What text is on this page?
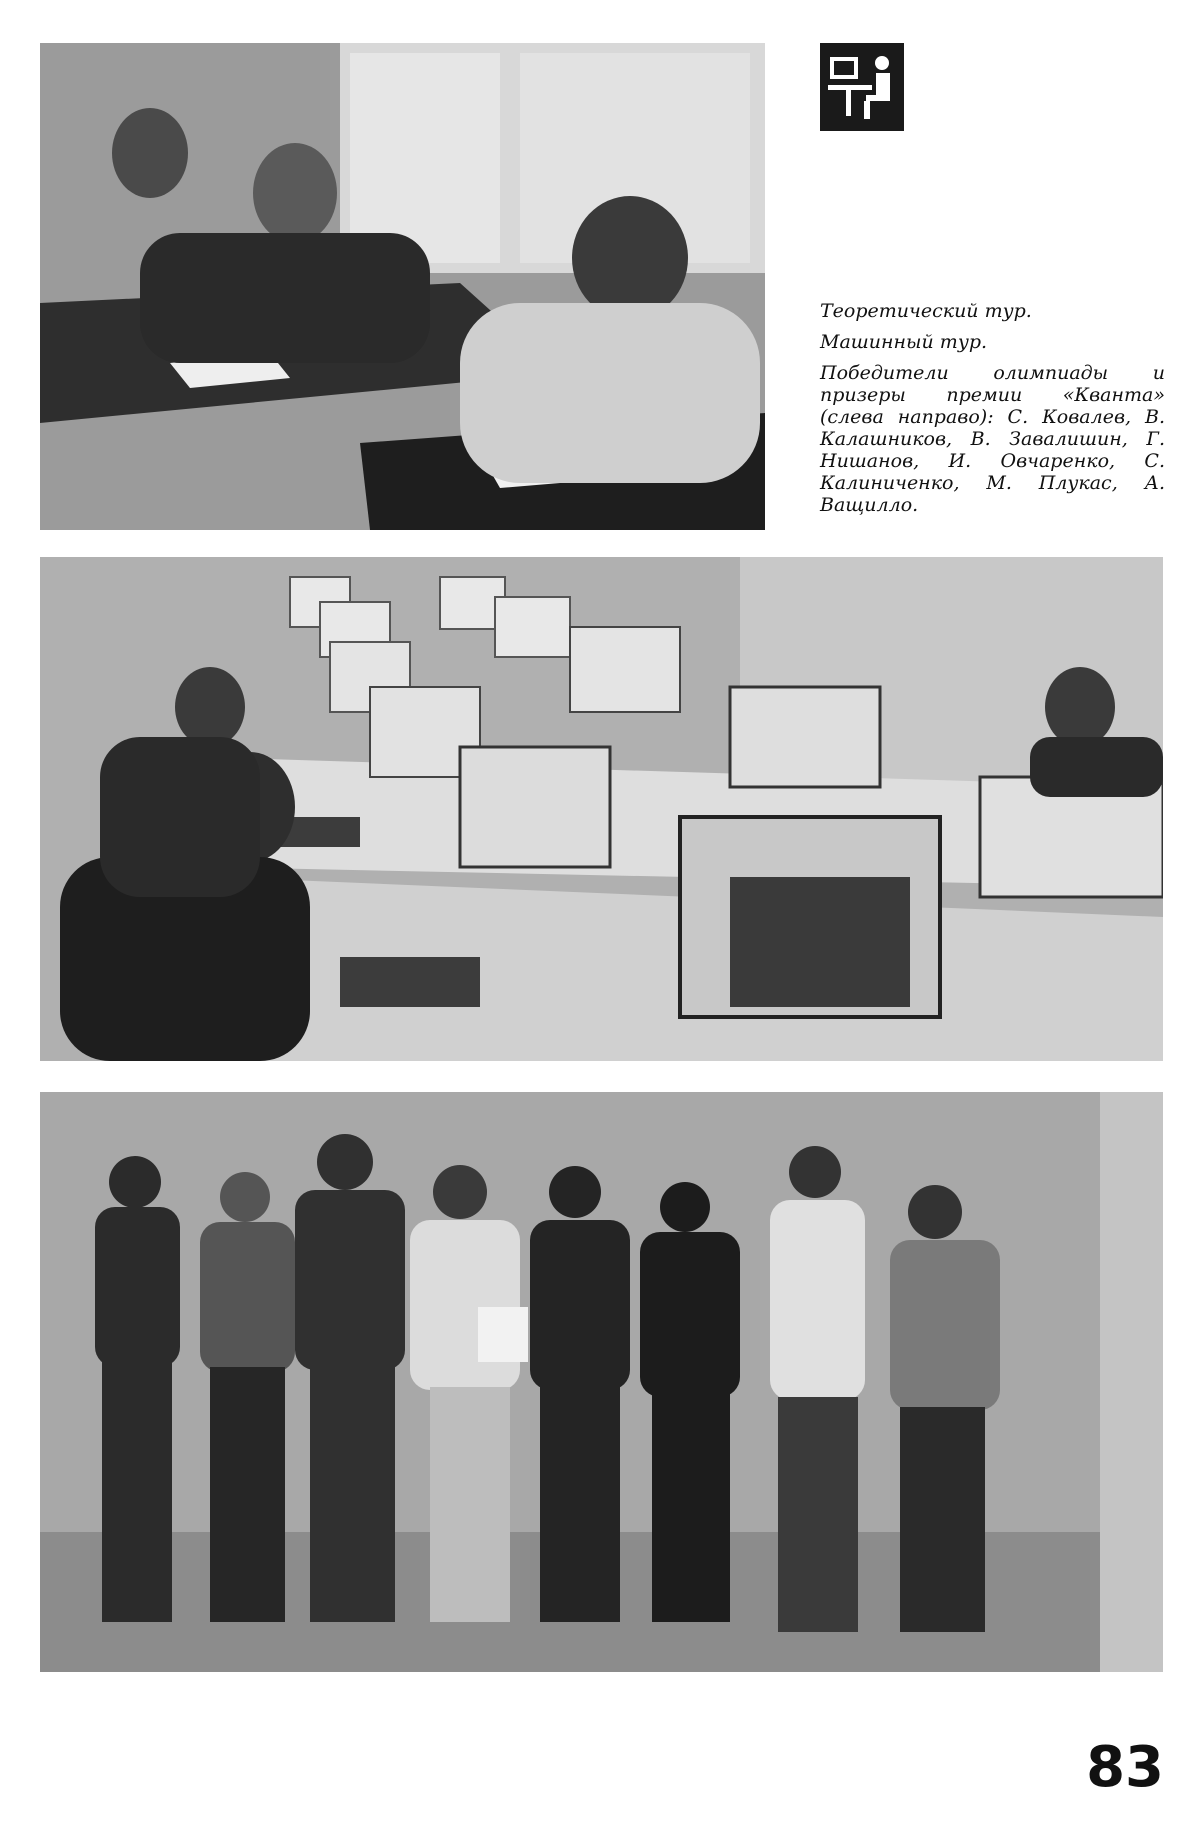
Теоретический тур.

Машинный тур.

Победители олимпиады и призеры премии «Кванта» (слева направо): С. Ковалев, В. Калашников, В. Завалишин, Г. Нишанов, И. Овчаренко, С. Калиниченко, М. Плукас, А. Ващилло.

83
